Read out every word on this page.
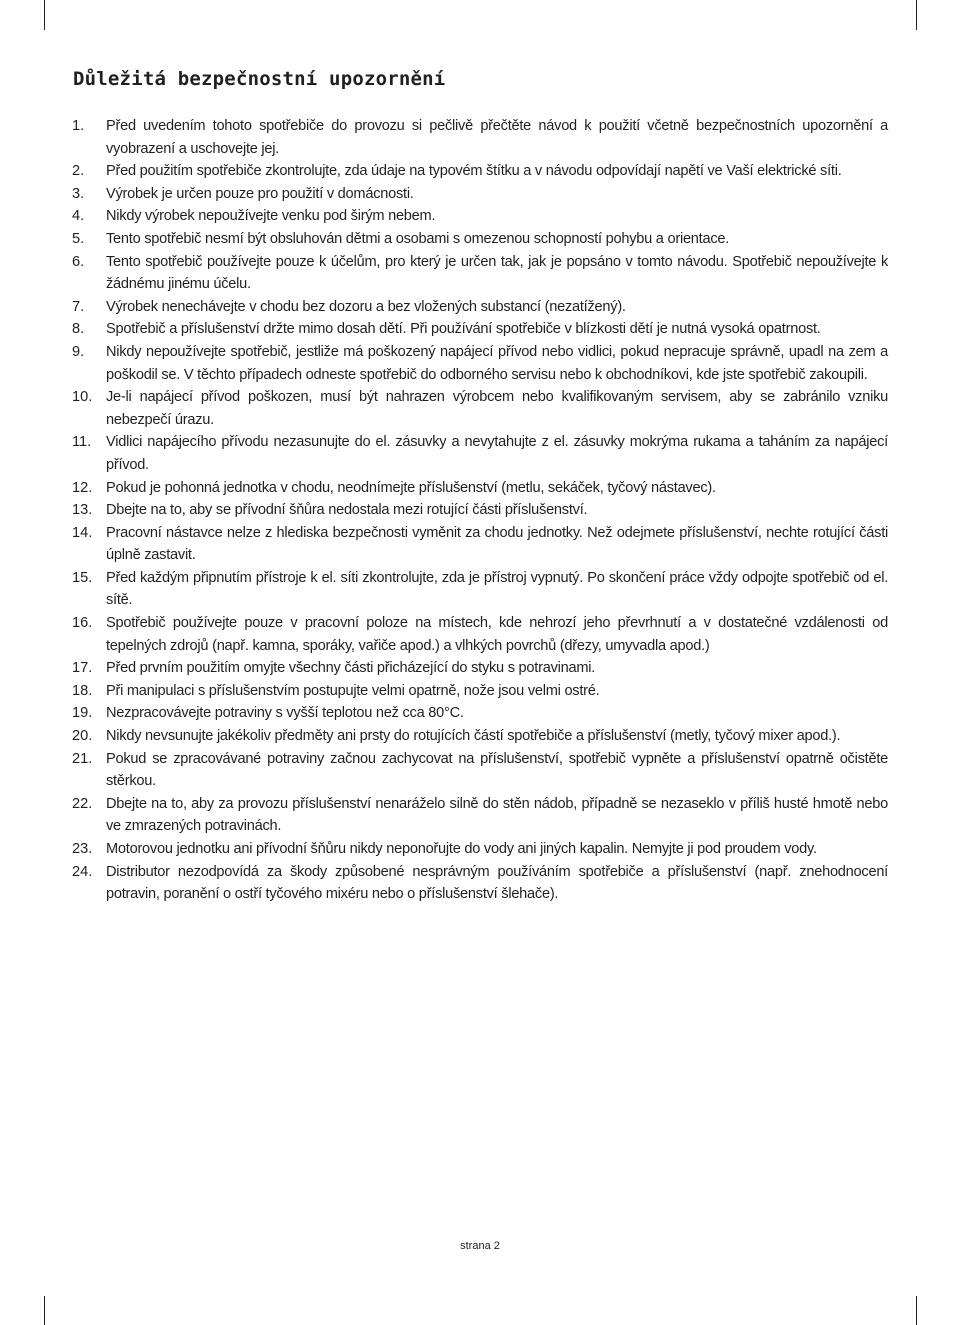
Důležitá bezpečnostní upozornění
1.	Před uvedením tohoto spotřebiče do provozu si pečlivě přečtěte návod k použití včetně bezpečnostních upozornění a vyobrazení a uschovejte jej.
2.	Před použitím spotřebiče zkontrolujte, zda údaje na typovém štítku a v návodu odpovídají napětí ve Vaší elektrické síti.
3.	Výrobek je určen pouze pro použití v domácnosti.
4.	Nikdy výrobek nepoužívejte venku pod širým nebem.
5.	Tento spotřebič nesmí být obsluhován dětmi a osobami s omezenou schopností pohybu a orientace.
6.	Tento spotřebič používejte pouze k účelům, pro který je určen tak, jak je popsáno v tomto návodu. Spotřebič nepoužívejte k žádnému jinému účelu.
7.	Výrobek nenechávejte v chodu bez dozoru a bez vložených substancí (nezatížený).
8.	Spotřebič a příslušenství držte mimo dosah dětí. Při používání spotřebiče v blízkosti dětí je nutná vysoká opatrnost.
9.	Nikdy nepoužívejte spotřebič, jestliže má poškozený napájecí přívod nebo vidlici, pokud nepracuje správně, upadl na zem a poškodil se. V těchto případech odneste spotřebič do odborného servisu nebo k obchodníkovi, kde jste spotřebič zakoupili.
10. Je-li napájecí přívod poškozen, musí být nahrazen výrobcem nebo kvalifikovaným servisem, aby se zabránilo vzniku nebezpečí úrazu.
11.	Vidlici napájecího přívodu nezasunujte do el. zásuvky a nevytahujte z el. zásuvky mokrýma rukama a taháním za napájecí přívod.
12. Pokud je pohonná jednotka v chodu, neodnímejte příslušenství (metlu, sekáček, tyčový nástavec).
13. Dbejte na to, aby se přívodní šňůra nedostala mezi rotující části příslušenství.
14. Pracovní nástavce nelze z hlediska bezpečnosti vyměnit za chodu jednotky. Než odejmete příslušenství, nechte rotující části úplně zastavit.
15. Před každým připnutím přístroje k el. síti zkontrolujte, zda je přístroj vypnutý. Po skončení práce vždy odpojte spotřebič od el. sítě.
16. Spotřebič používejte pouze v pracovní poloze na místech, kde nehrozí jeho převrhnutí a v dostatečné vzdálenosti od tepelných zdrojů (např. kamna, sporáky, vařiče apod.) a vlhkých povrchů (dřezy, umyvadla apod.)
17. Před prvním použitím omyjte všechny části přicházející do styku s potravinami.
18. Při manipulaci s příslušenstvím postupujte velmi opatrně, nože jsou velmi ostré.
19. Nezpracovávejte potraviny s vyšší teplotou než cca 80°C.
20. Nikdy nevsunujte jakékoliv předměty ani prsty do rotujících částí spotřebiče a příslušenství (metly, tyčový mixer apod.).
21. Pokud se zpracovávané potraviny začnou zachycovat na příslušenství, spotřebič vypněte a příslušenství opatrně očistěte stěrkou.
22. Dbejte na to, aby za provozu příslušenství nenaráželo silně do stěn nádob, případně se nezaseklo v příliš husté hmotě nebo ve zmrazených potravinách.
23. Motorovou jednotku ani přívodní šňůru nikdy neponořujte do vody ani jiných kapalin. Nemyjte ji pod proudem vody.
24. Distributor nezodpovídá za škody způsobené nesprávným používáním spotřebiče a příslušenství (např. znehodnocení potravin, poranění o ostří tyčového mixéru nebo o příslušenství šlehače).
strana 2
